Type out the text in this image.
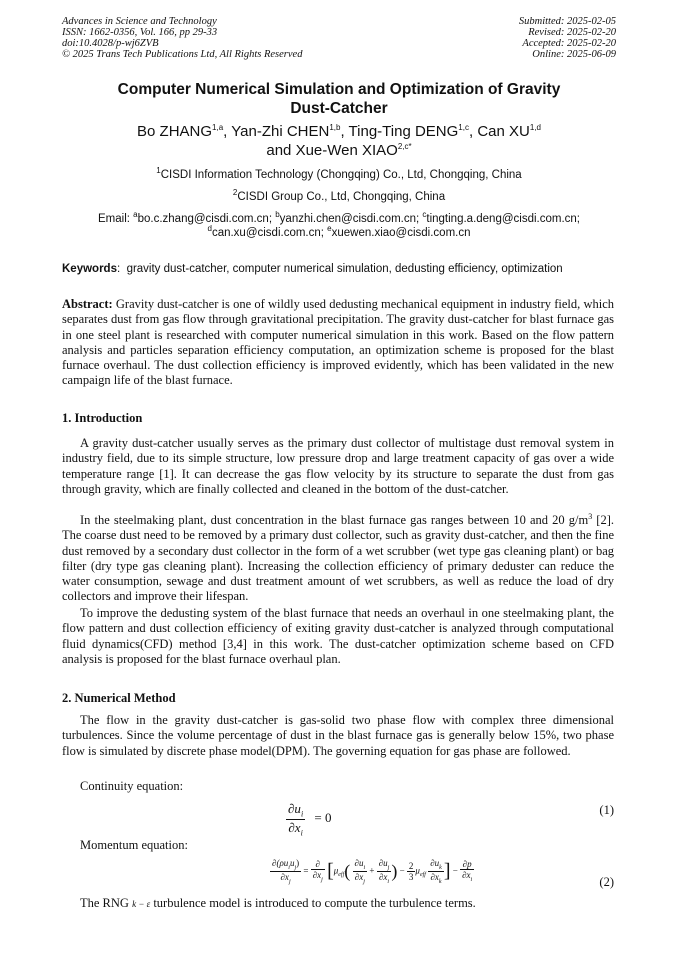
Advances in Science and Technology
ISSN: 1662-0356, Vol. 166, pp 29-33
doi:10.4028/p-wj6ZVB
© 2025 Trans Tech Publications Ltd, All Rights Reserved
Submitted: 2025-02-05
Revised: 2025-02-20
Accepted: 2025-02-20
Online: 2025-06-09
Computer Numerical Simulation and Optimization of Gravity
Dust-Catcher
Bo ZHANG$^{1,a}$, Yan-Zhi CHEN$^{1,b}$, Ting-Ting DENG$^{1,c}$, Can XU$^{1,d}$
and Xue-Wen $XIAO^{2,c*}$
$^1$CISDI Information Technology (Chongqing) Co., Ltd, Chongqing, China
$^2$CISDI Group Co., Ltd, Chongqing, China
Email: $^a$bo.c.zhang@cisdi.com.cn; $^b$yanzhi.chen@cisdi.com.cn; $^c$tingting.a.deng@cisdi.com.cn;
$^d$can.xu@cisdi.com.cn; $^e$xuewen.xiao@cisdi.com.cn
Keywords:  gravity dust-catcher, computer numerical simulation, dedusting efficiency, optimization
Abstract: Gravity dust-catcher is one of wildly used dedusting mechanical equipment in industry field, which separates dust from gas flow through gravitational precipitation. The gravity dust-catcher for blast furnace gas in one steel plant is researched with computer numerical simulation in this work. Based on the flow pattern analysis and particles separation efficiency computation, an optimization scheme is proposed for the blast furnace overhaul. The dust collection efficiency is improved evidently, which has been validated in the new campaign life of the blast furnace.
1. Introduction
A gravity dust-catcher usually serves as the primary dust collector of multistage dust removal system in industry field, due to its simple structure, low pressure drop and large treatment capacity of gas over a wide temperature range [1]. It can decrease the gas flow velocity by its structure to separate the dust from gas through gravity, which are finally collected and cleaned in the bottom of the dust-catcher.
In the steelmaking plant, dust concentration in the blast furnace gas ranges between 10 and 20 $g/m^3$ [2]. The coarse dust need to be removed by a primary dust collector, such as gravity dust-catcher, and then the fine dust removed by a secondary dust collector in the form of a wet scrubber (wet type gas cleaning plant) or bag filter (dry type gas cleaning plant). Increasing the collection efficiency of primary deduster can reduce the water consumption, sewage and dust treatment amount of wet scrubbers, as well as reduce the load of dry collectors and improve their lifespan.
To improve the dedusting system of the blast furnace that needs an overhaul in one steelmaking plant, the flow pattern and dust collection efficiency of exiting gravity dust-catcher is analyzed through computational fluid dynamics(CFD) method [3,4] in this work. The dust-catcher optimization scheme based on CFD analysis is proposed for the blast furnace overhaul plan.
2. Numerical Method
The flow in the gravity dust-catcher is gas-solid two phase flow with complex three dimensional turbulences. Since the volume percentage of dust in the blast furnace gas is generally below 15%, two phase flow is simulated by discrete phase model(DPM). The governing equation for gas phase are followed.
Continuity equation:
$\frac{\partial u_i}{\partial x_i} = 0$
(1)
Momentum equation:
$\frac{\partial(\rho u_iu_j)}{\partial x_j} = \frac{\partial}{\partial x_j} [\mu_{eff}( \frac{\partial u_i}{\partial x_j} + \frac{\partial u_j}{\partial x_i}$ ) − $\frac{2}{3} \mu_{eff} \frac{\partial u_k}{\partial x_k}$ ] − $\frac{\partial p}{\partial x_i}$	(2)
The RNG k − ε turbulence model is introduced to compute the turbulence terms.
